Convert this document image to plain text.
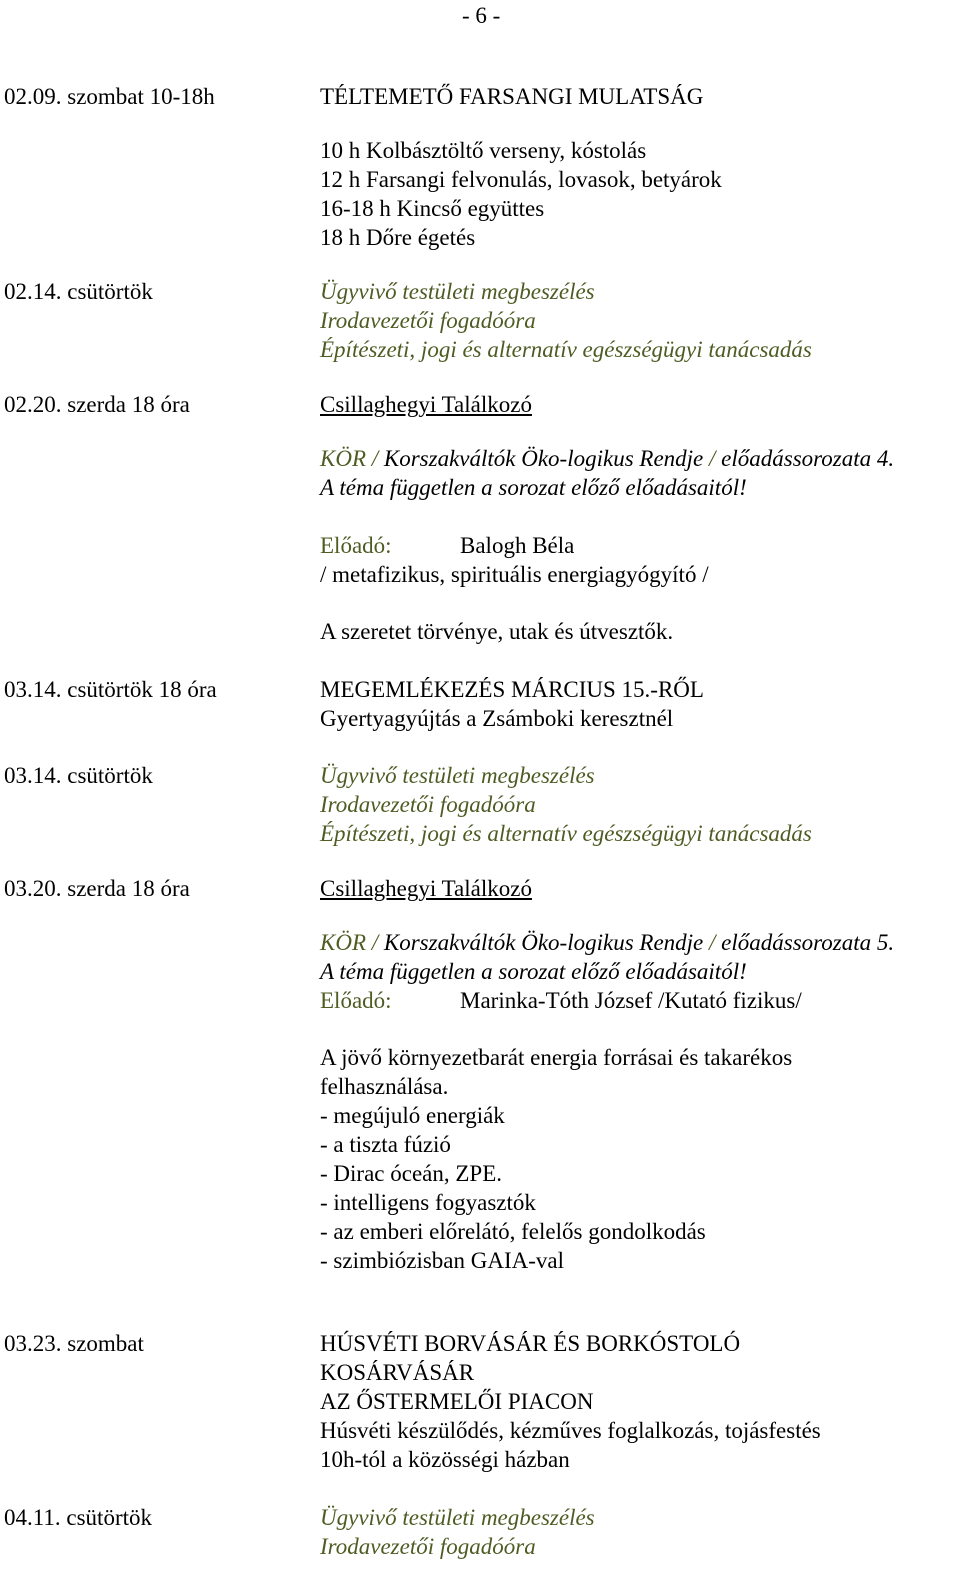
- 6 -
02.09. szombat 10-18h	TÉLTEMETŐ FARSANGI MULATSÁG
10 h Kolbásztöltő verseny, kóstolás
12 h Farsangi felvonulás, lovasok, betyárok
16-18 h Kincső együttes
18 h Dőre égetés
02.14. csütörtök	Ügyvivő testületi megbeszélés
Irodavezetői fogadóóra
Építészeti, jogi és alternatív egészségügyi tanácsadás
02.20. szerda 18 óra	Csillaghegyi Találkozó
KÖR / Korszakváltók Öko-logikus Rendje / előadássorozata 4.
A téma független a sorozat előző előadásaitól!
Előadó:	Balogh Béla
/ metafizikus, spirituális energiagyógyító /
A szeretet törvénye, utak és útvesztők.
03.14. csütörtök 18 óra	MEGEMLÉKEZÉS MÁRCIUS 15.-RŐL
Gyertyagyújtás a Zsámboki keresztnél
03.14. csütörtök	Ügyvivő testületi megbeszélés
Irodavezetői fogadóóra
Építészeti, jogi és alternatív egészségügyi tanácsadás
03.20. szerda 18 óra	Csillaghegyi Találkozó
KÖR / Korszakváltók Öko-logikus Rendje / előadássorozata 5.
A téma független a sorozat előző előadásaitól!
Előadó:	Marinka-Tóth József /Kutató fizikus/
A jövő környezetbarát energia forrásai és takarékos
felhasználása.
- megújuló energiák
- a tiszta fúzió
- Dirac óceán, ZPE.
- intelligens fogyasztók
- az emberi előrelátó, felelős gondolkodás
- szimbiózisban GAIA-val
03.23. szombat	HÚSVÉTI BORVÁSÁR ÉS BORKÓSTOLÓ
KOSÁRVÁSÁR
AZ ŐSTERMELŐI PIACON
Húsvéti készülődés, kézműves foglalkozás, tojásfestés
10h-tól a közösségi házban
04.11. csütörtök	Ügyvivő testületi megbeszélés
Irodavezetői fogadóóra
